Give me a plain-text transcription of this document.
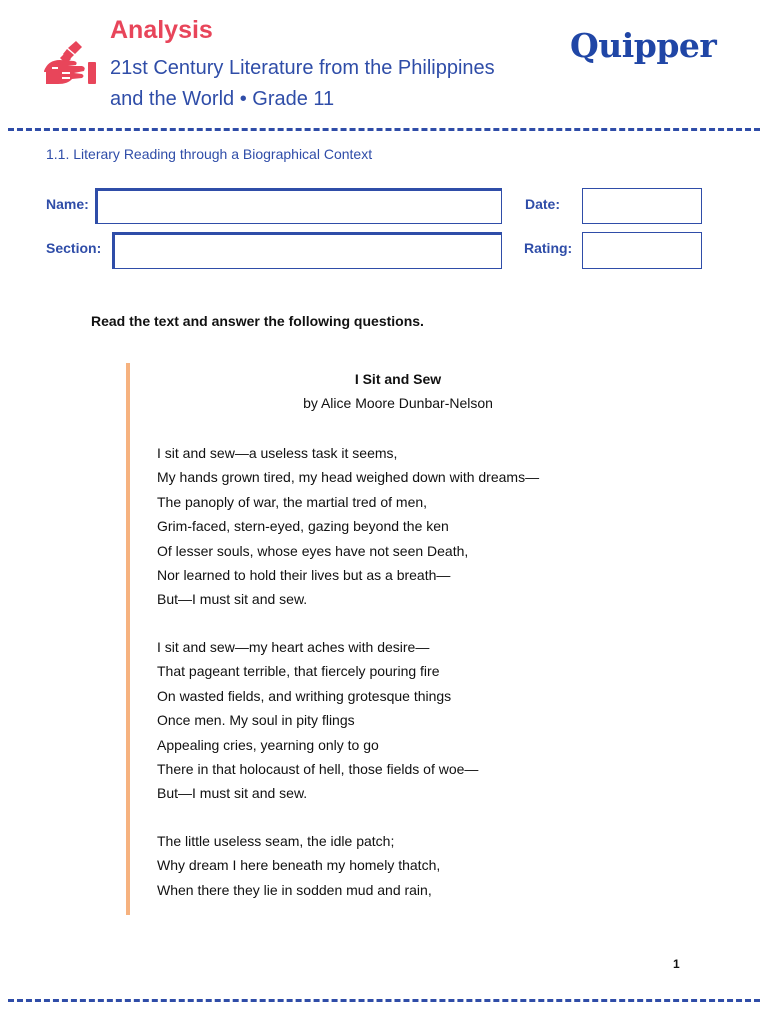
Analysis
21st Century Literature from the Philippines
and the World • Grade 11
Quipper
1.1. Literary Reading through a Biographical Context
Name:	Date:
Section:	Rating:
Read the text and answer the following questions.
I Sit and Sew
by Alice Moore Dunbar-Nelson
I sit and sew—a useless task it seems,
My hands grown tired, my head weighed down with dreams—
The panoply of war, the martial tred of men,
Grim-faced, stern-eyed, gazing beyond the ken
Of lesser souls, whose eyes have not seen Death,
Nor learned to hold their lives but as a breath—
But—I must sit and sew.
I sit and sew—my heart aches with desire—
That pageant terrible, that fiercely pouring fire
On wasted fields, and writhing grotesque things
Once men. My soul in pity flings
Appealing cries, yearning only to go
There in that holocaust of hell, those fields of woe—
But—I must sit and sew.
The little useless seam, the idle patch;
Why dream I here beneath my homely thatch,
When there they lie in sodden mud and rain,
1
